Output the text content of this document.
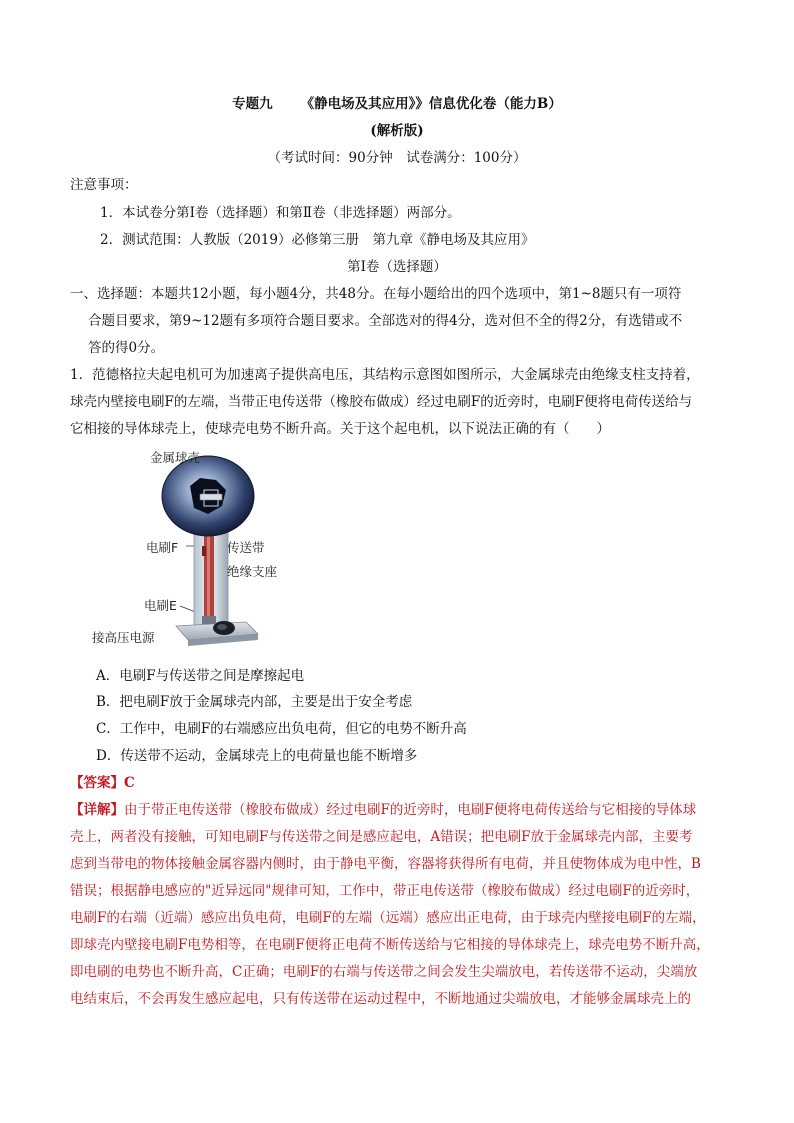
专题九 《静电场及其应用》》信息优化卷（能力B）
(解析版)
（考试时间：90分钟　试卷满分：100分）
注意事项：
1．本试卷分第Ⅰ卷（选择题）和第Ⅱ卷（非选择题）两部分。
2．测试范围：人教版（2019）必修第三册　第九章《静电场及其应用》
第Ⅰ卷（选择题）
一、选择题：本题共12小题，每小题4分，共48分。在每小题给出的四个选项中，第1~8题只有一项符
合题目要求，第9~12题有多项符合题目要求。全部选对的得4分，选对但不全的得2分，有选错或不
答的得0分。
1．范德格拉夫起电机可为加速离子提供高电压，其结构示意图如图所示，大金属球壳由绝缘支柱支持着，
球壳内壁接电刷F的左端，当带正电传送带（橡胶布做成）经过电刷F的近旁时，电刷F便将电荷传送给与
它相接的导体球壳上，使球壳电势不断升高。关于这个起电机，以下说法正确的有（　　）
金属球壳
电刷F	传送带
绝缘支座
电刷E
接高压电源
A．电刷F与传送带之间是摩擦起电
B．把电刷F放于金属球壳内部，主要是出于安全考虑
C．工作中，电刷F的右端感应出负电荷，但它的电势不断升高
D．传送带不运动，金属球壳上的电荷量也能不断增多
【答案】C
【详解】由于带正电传送带（橡胶布做成）经过电刷F的近旁时，电刷F便将电荷传送给与它相接的导体球
壳上，两者没有接触，可知电刷F与传送带之间是感应起电，A错误；把电刷F放于金属球壳内部，主要考
虑到当带电的物体接触金属容器内侧时，由于静电平衡，容器将获得所有电荷，并且使物体成为电中性，B
错误；根据静电感应的"近异远同"规律可知，工作中，带正电传送带（橡胶布做成）经过电刷F的近旁时，
电刷F的右端（近端）感应出负电荷，电刷F的左端（远端）感应出正电荷，由于球壳内壁接电刷F的左端，
即球壳内壁接电刷F电势相等，在电刷F便将正电荷不断传送给与它相接的导体球壳上，球壳电势不断升高，
即电刷的电势也不断升高，C正确；电刷F的右端与传送带之间会发生尖端放电，若传送带不运动，尖端放
电结束后，不会再发生感应起电，只有传送带在运动过程中，不断地通过尖端放电，才能够金属球壳上的
